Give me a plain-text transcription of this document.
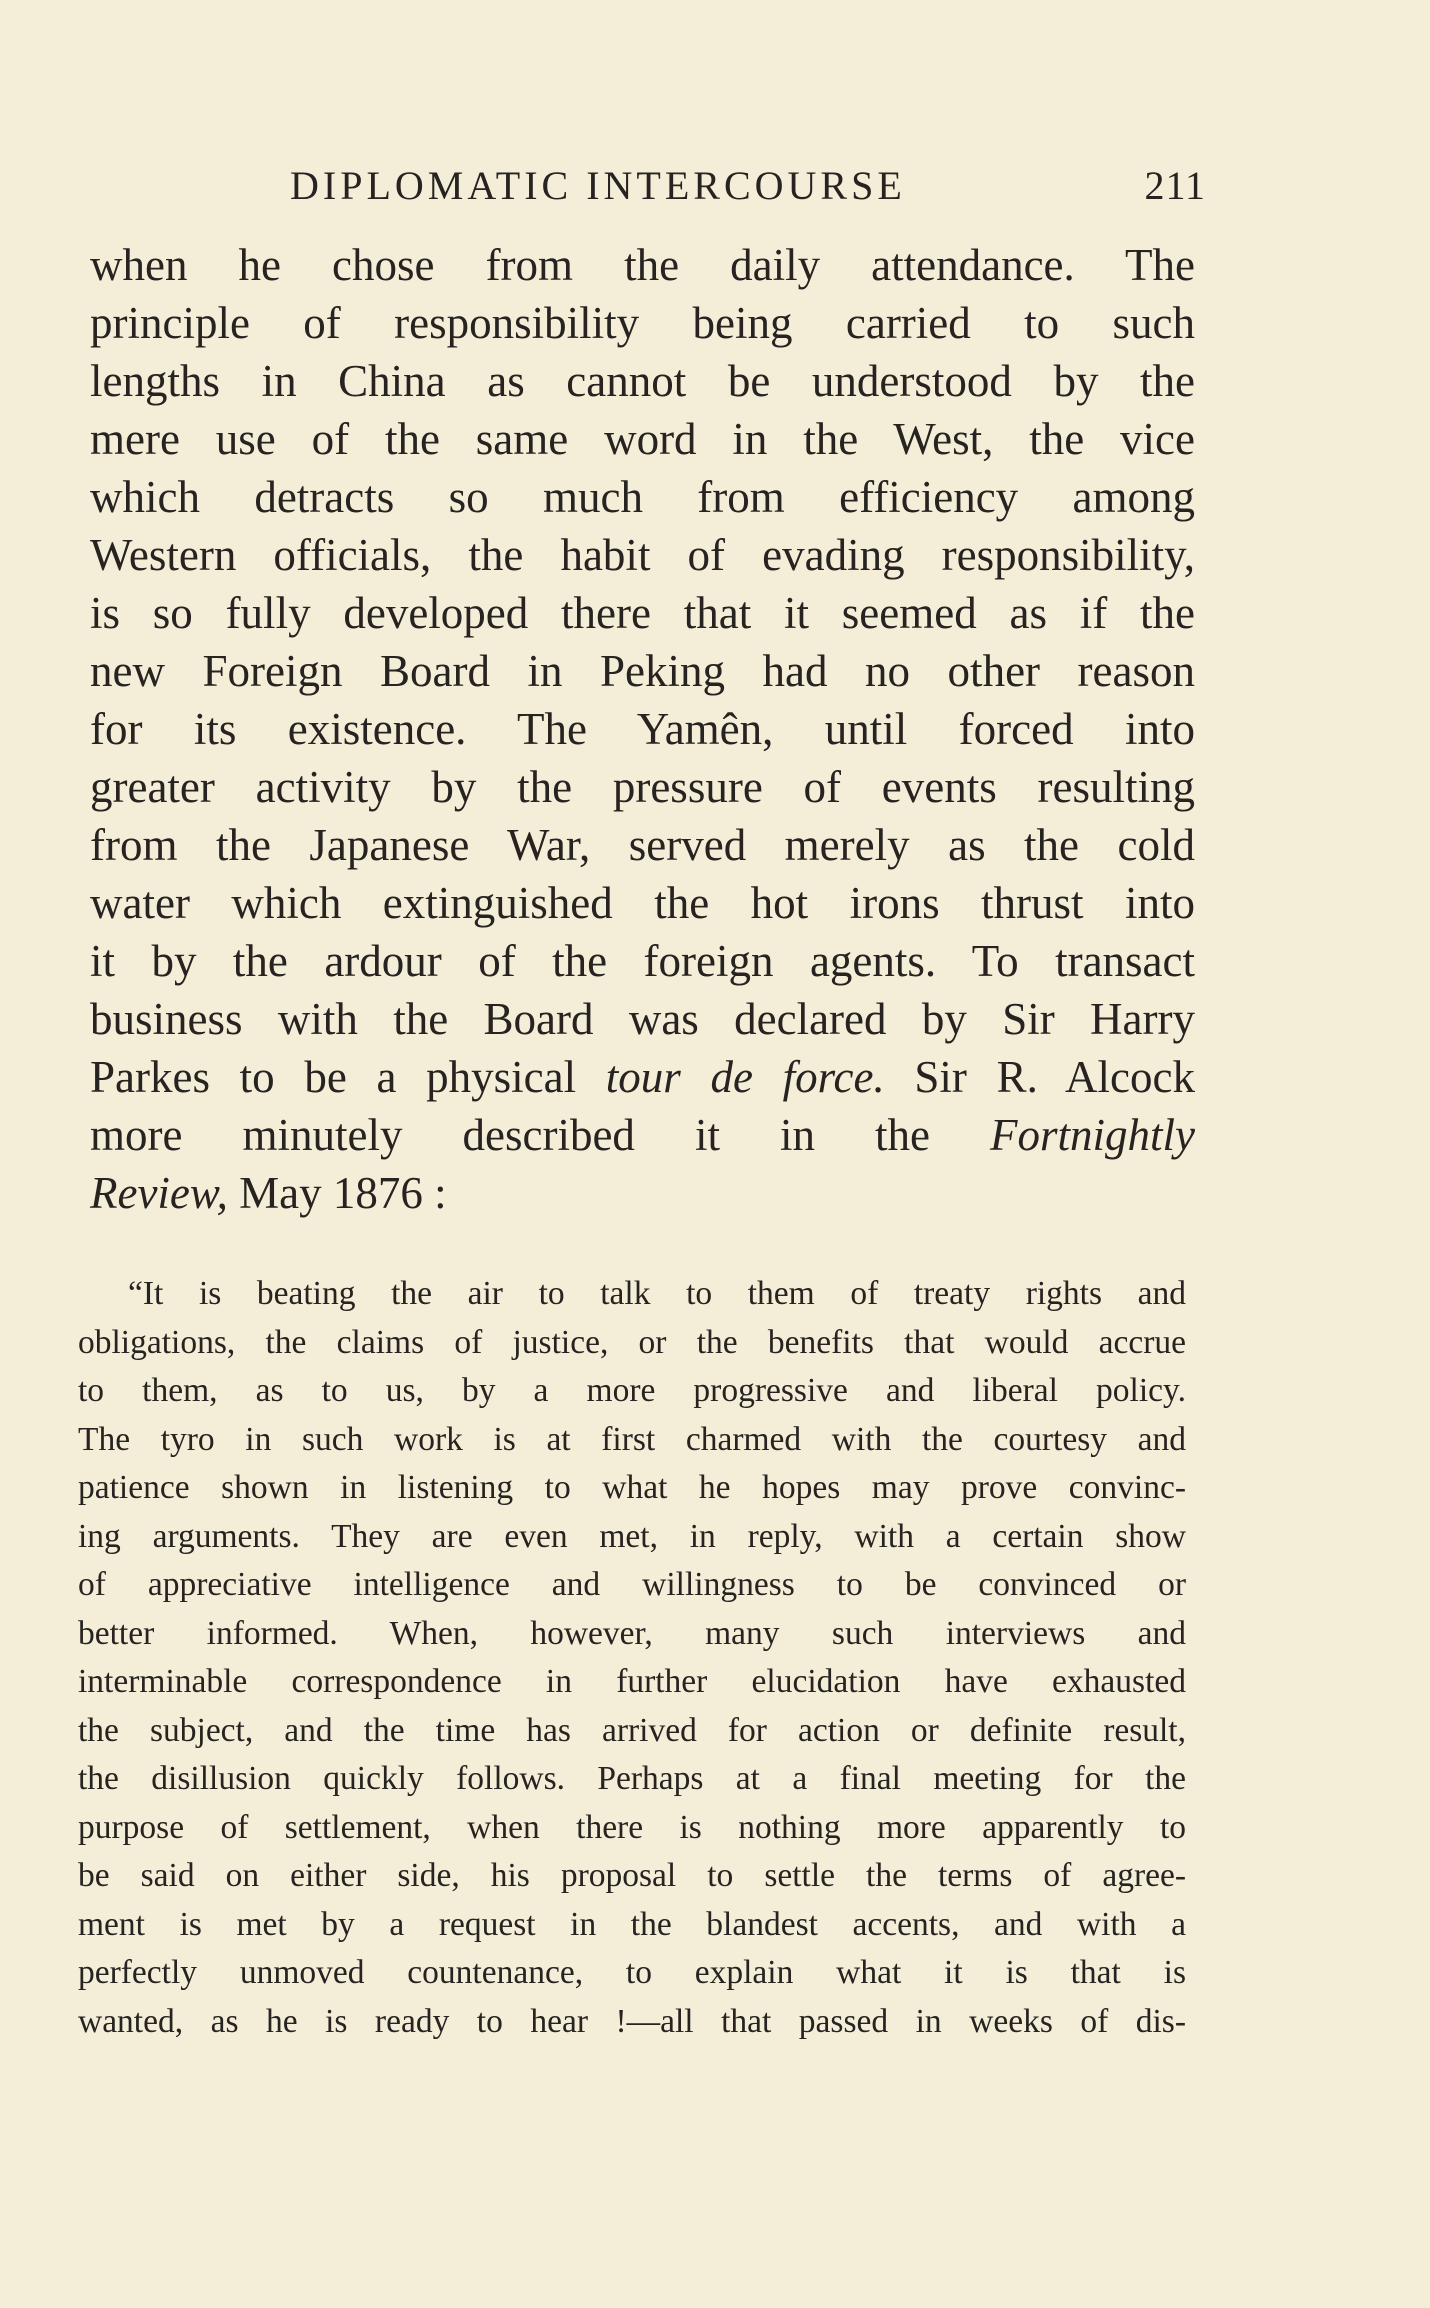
DIPLOMATIC INTERCOURSE	211
when he chose from the daily attendance. The
principle of responsibility being carried to such
lengths in China as cannot be understood by the
mere use of the same word in the West, the vice
which detracts so much from efficiency among
Western officials, the habit of evading responsibility,
is so fully developed there that it seemed as if the
new Foreign Board in Peking had no other reason
for its existence. The Yamên, until forced into
greater activity by the pressure of events resulting
from the Japanese War, served merely as the cold
water which extinguished the hot irons thrust into
it by the ardour of the foreign agents. To transact
business with the Board was declared by Sir Harry
Parkes to be a physical tour de force. Sir R. Alcock
more minutely described it in the Fortnightly
Review, May 1876 :
“It is beating the air to talk to them of treaty rights and
obligations, the claims of justice, or the benefits that would accrue
to them, as to us, by a more progressive and liberal policy.
The tyro in such work is at first charmed with the courtesy and
patience shown in listening to what he hopes may prove convinc-
ing arguments. They are even met, in reply, with a certain show
of appreciative intelligence and willingness to be convinced or
better informed. When, however, many such interviews and
interminable correspondence in further elucidation have exhausted
the subject, and the time has arrived for action or definite result,
the disillusion quickly follows. Perhaps at a final meeting for the
purpose of settlement, when there is nothing more apparently to
be said on either side, his proposal to settle the terms of agree-
ment is met by a request in the blandest accents, and with a
perfectly unmoved countenance, to explain what it is that is
wanted, as he is ready to hear !—all that passed in weeks of dis-
